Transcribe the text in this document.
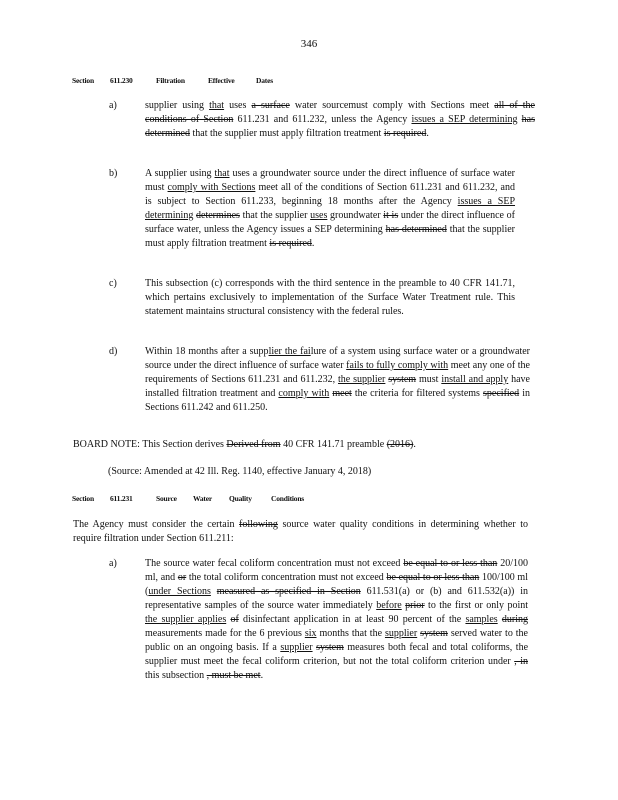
346
Section 611.230	Filtration	Effective	Dates
a)	supplier using that uses a surface water sourcemust comply with Sections meet all of the conditions of Section 611.231 and 611.232, unless the Agency issues a SEP determining has determined that the supplier must apply filtration treatment is required.
b)	A supplier using that uses a groundwater source under the direct influence of surface water must comply with Sections meet all of the conditions of Section 611.231 and 611.232, and is subject to Section 611.233, beginning 18 months after the Agency issues a SEP determining determines that the supplier uses groundwater it is under the direct influence of surface water, unless the Agency issues a SEP determining has determined that the supplier must apply filtration treatment is required.
c)	This subsection (c) corresponds with the third sentence in the preamble to 40 CFR 141.71, which pertains exclusively to implementation of the Surface Water Treatment rule. This statement maintains structural consistency with the federal rules.
d)	Within 18 months after a supplier the failure of a system using surface water or a groundwater source under the direct influence of surface water fails to fully comply with meet any one of the requirements of Sections 611.231 and 611.232, the supplier system must install and apply have installed filtration treatment and comply with meet the criteria for filtered systems specified in Sections 611.242 and 611.250.
BOARD NOTE: This Section derives Derived from 40 CFR 141.71 preamble (2016).
(Source: Amended at 42 Ill. Reg. 1140, effective January 4, 2018)
Section 611.231	Source Water Quality	Conditions
The Agency must consider the certain following source water quality conditions in determining whether to require filtration under Section 611.211:
a)	The source water fecal coliform concentration must not exceed be equal to or less than 20/100 ml, and or the total coliform concentration must not exceed be equal to or less than 100/100 ml (under Sections measured as specified in Section 611.531(a) or (b) and 611.532(a)) in representative samples of the source water immediately before prior to the first or only point the supplier applies of disinfectant application in at least 90 percent of the samples during measurements made for the 6 previous six months that the supplier system served water to the public on an ongoing basis. If a supplier system measures both fecal and total coliforms, the supplier must meet the fecal coliform criterion, but not the total coliform criterion under , in this subsection , must be met.
